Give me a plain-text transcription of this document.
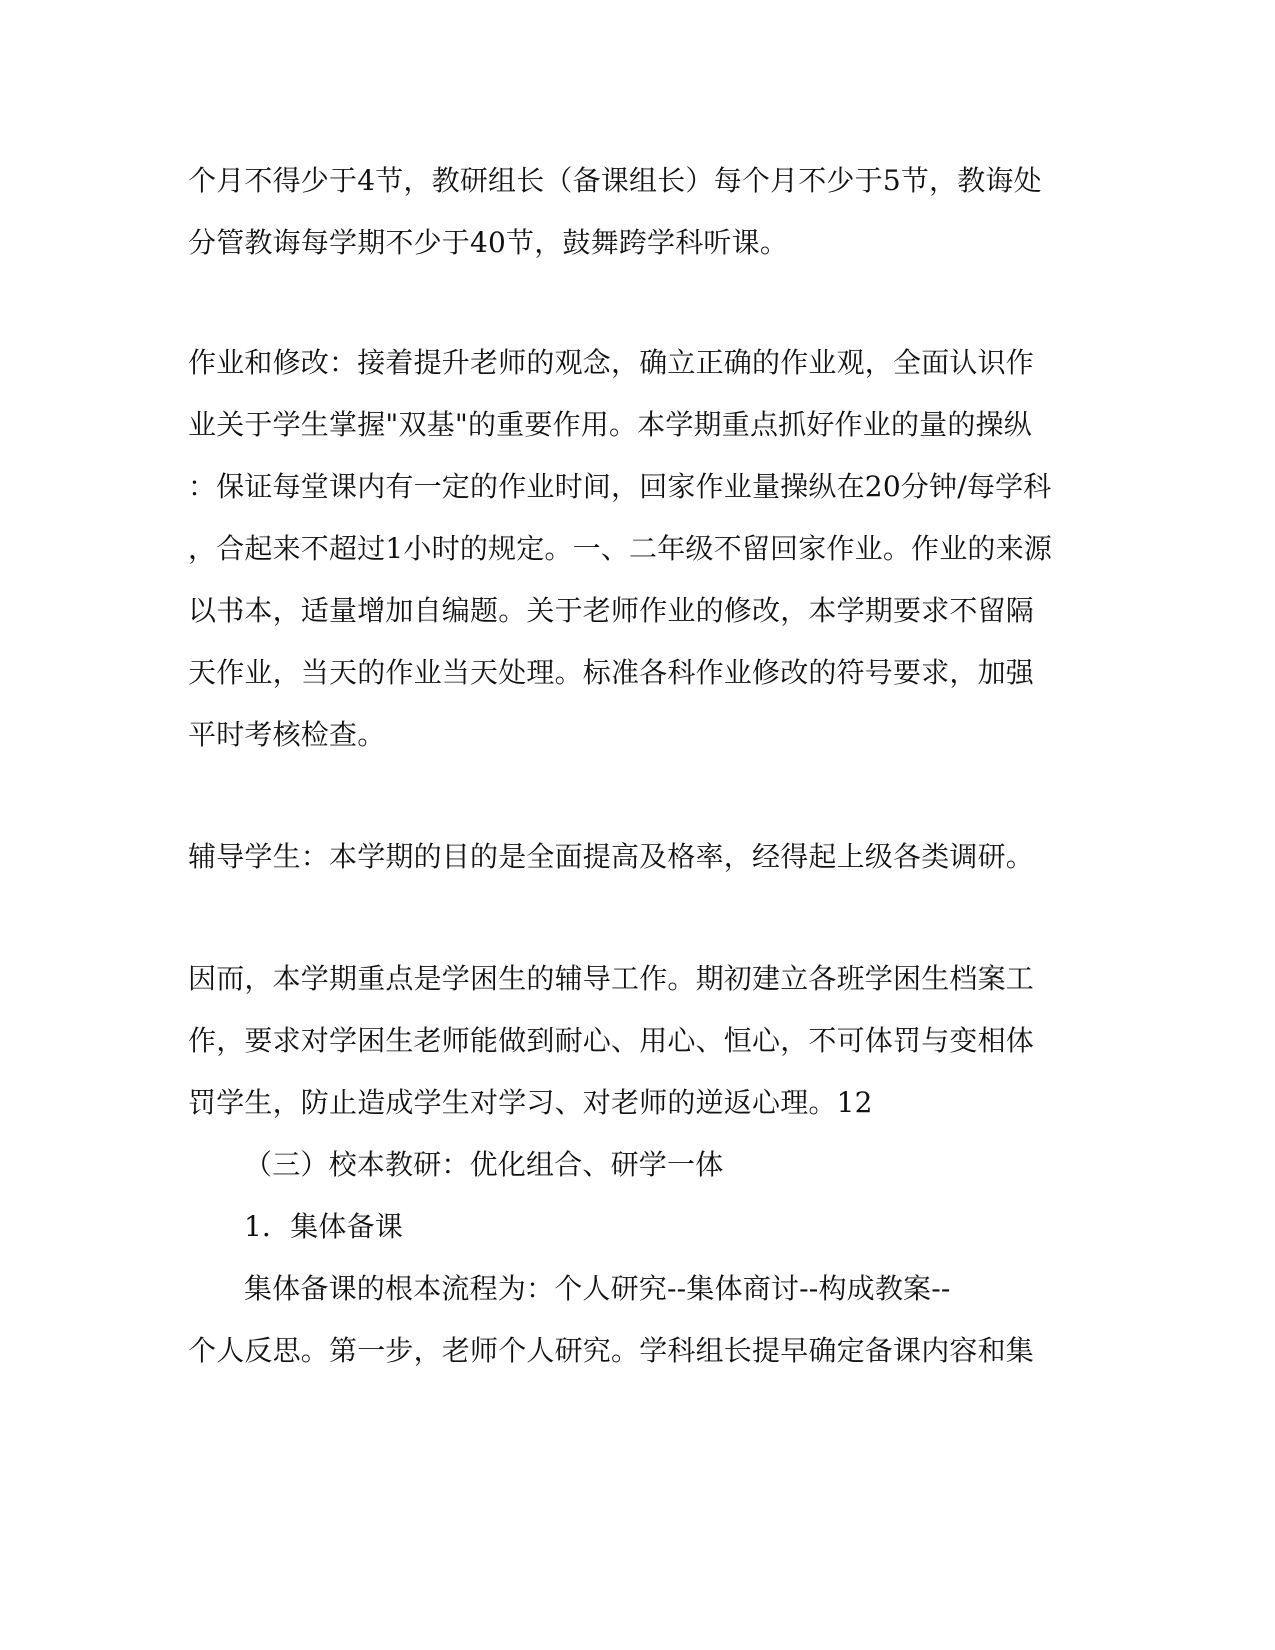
个月不得少于4节，教研组长（备课组长）每个月不少于5节，教诲处
分管教诲每学期不少于40节，鼓舞跨学科听课。
作业和修改：接着提升老师的观念，确立正确的作业观，全面认识作
业关于学生掌握"双基"的重要作用。本学期重点抓好作业的量的操纵
：保证每堂课内有一定的作业时间，回家作业量操纵在20分钟/每学科
，合起来不超过1小时的规定。一、二年级不留回家作业。作业的来源
以书本，适量增加自编题。关于老师作业的修改，本学期要求不留隔
天作业，当天的作业当天处理。标准各科作业修改的符号要求，加强
平时考核检查。
辅导学生：本学期的目的是全面提高及格率，经得起上级各类调研。
因而，本学期重点是学困生的辅导工作。期初建立各班学困生档案工
作，要求对学困生老师能做到耐心、用心、恒心，不可体罚与变相体
罚学生，防止造成学生对学习、对老师的逆返心理。12
（三）校本教研：优化组合、研学一体
1．集体备课
集体备课的根本流程为：个人研究--集体商讨--构成教案--
个人反思。第一步，老师个人研究。学科组长提早确定备课内容和集
